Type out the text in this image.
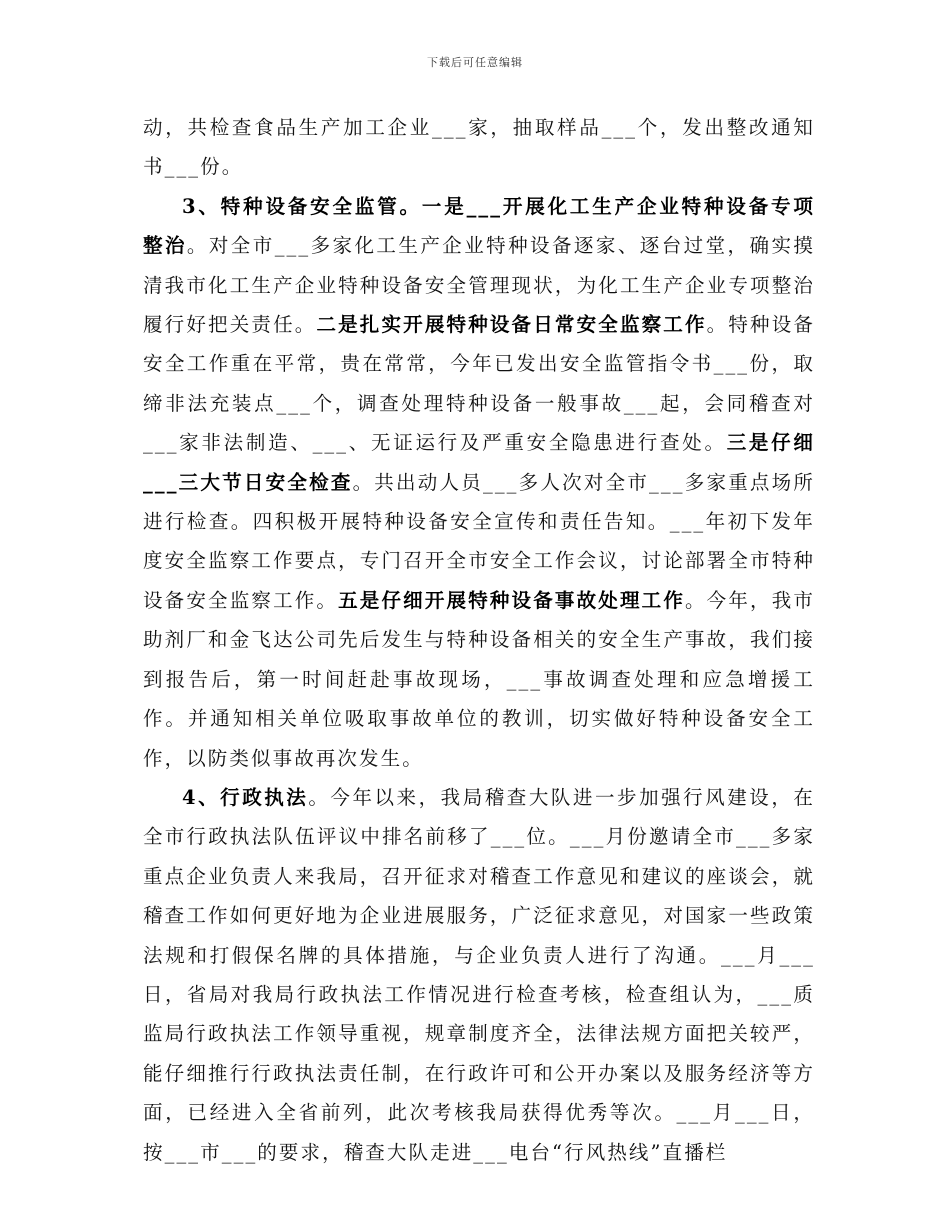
下载后可任意编辑

动，共检查食品生产加工企业___家，抽取样品___个，发出整改通知书___份。

3、特种设备安全监管。一是___开展化工生产企业特种设备专项整治。对全市___多家化工生产企业特种设备逐家、逐台过堂，确实摸清我市化工生产企业特种设备安全管理现状，为化工生产企业专项整治履行好把关责任。二是扎实开展特种设备日常安全监察工作。特种设备安全工作重在平常，贵在常常，今年已发出安全监管指令书___份，取缔非法充装点___个，调查处理特种设备一般事故___起，会同稽查对___家非法制造、___、无证运行及严重安全隐患进行查处。三是仔细___三大节日安全检查。共出动人员___多人次对全市___多家重点场所进行检查。四积极开展特种设备安全宣传和责任告知。___年初下发年度安全监察工作要点，专门召开全市安全工作会议，讨论部署全市特种设备安全监察工作。五是仔细开展特种设备事故处理工作。今年，我市助剂厂和金飞达公司先后发生与特种设备相关的安全生产事故，我们接到报告后，第一时间赶赴事故现场，___事故调查处理和应急增援工作。并通知相关单位吸取事故单位的教训，切实做好特种设备安全工作，以防类似事故再次发生。

4、行政执法。今年以来，我局稽查大队进一步加强行风建设，在全市行政执法队伍评议中排名前移了___位。___月份邀请全市___多家重点企业负责人来我局，召开征求对稽查工作意见和建议的座谈会，就稽查工作如何更好地为企业进展服务，广泛征求意见，对国家一些政策法规和打假保名牌的具体措施，与企业负责人进行了沟通。___月___日，省局对我局行政执法工作情况进行检查考核，检查组认为，___质监局行政执法工作领导重视，规章制度齐全，法律法规方面把关较严，能仔细推行行政执法责任制，在行政许可和公开办案以及服务经济等方面，已经进入全省前列，此次考核我局获得优秀等次。___月___日，按___市___的要求，稽查大队走进___电台“行风热线”直播栏
